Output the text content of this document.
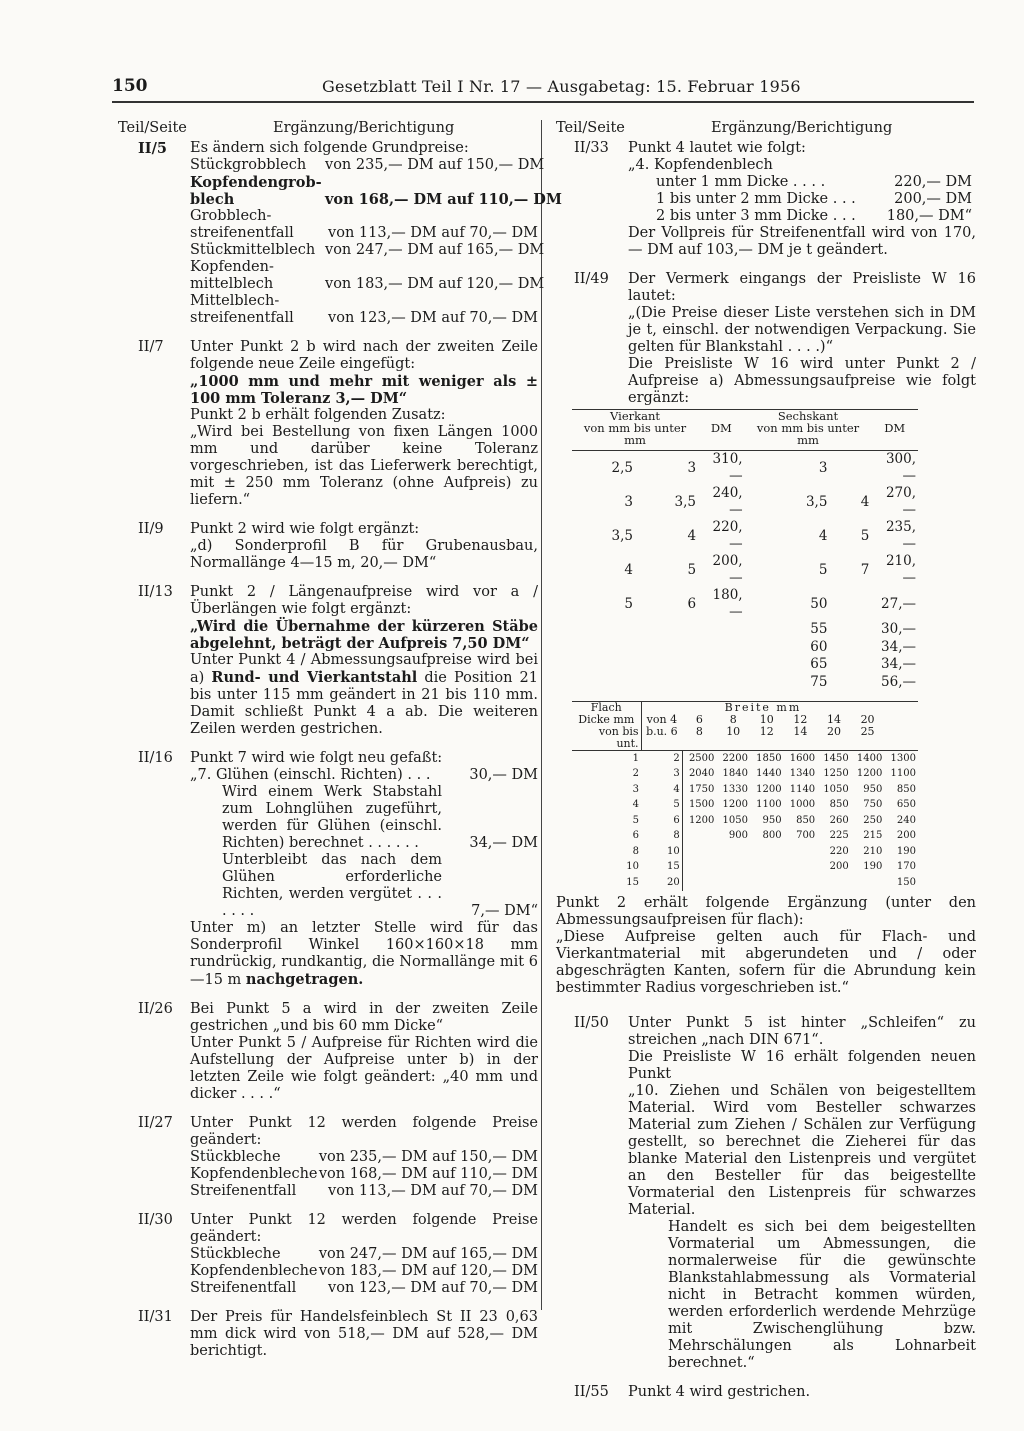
150	Gesetzblatt Teil I Nr. 17 — Ausgabetag: 15. Februar 1956
Teil/Seite	Ergänzung/Berichtigung
II/5 Es ändern sich folgende Grundpreise:

Stückgrobblech	von 235,— DM auf 150,— DM
Kopfendengrob-blech	von 168,— DM auf 110,— DM
Grobblech-streifenentfall	von 113,— DM auf 70,— DM
Stückmittelblech von 247,— DM auf 165,— DM
Kopfenden-mittelblech	von 183,— DM auf 120,— DM
Mittelblech-streifenentfall	von 123,— DM auf 70,— DM
II/7 Unter Punkt 2 b wird nach der zweiten Zeile folgende neue Zeile eingefügt:

„1000 mm und mehr mit weniger als ± 100 mm Toleranz 3,— DM“

Punkt 2 b erhält folgenden Zusatz:

„Wird bei Bestellung von fixen Längen 1000 mm und darüber keine Toleranz vorgeschrieben, ist das Lieferwerk berechtigt, mit ± 250 mm Toleranz (ohne Aufpreis) zu liefern.“

II/9 Punkt 2 wird wie folgt ergänzt:

„d) Sonderprofil B für Grubenausbau, Normallänge 4—15 m, 20,— DM“

II/13 Punkt 2 / Längenaufpreise wird vor a / Überlängen wie folgt ergänzt:

„Wird die Übernahme der kürzeren Stäbe abgelehnt, beträgt der Aufpreis 7,50 DM“

Unter Punkt 4 / Abmessungsaufpreise wird bei a) Rund- und Vierkantstahl die Position 21 bis unter 115 mm geändert in 21 bis 110 mm. Damit schließt Punkt 4 a ab. Die weiteren Zeilen werden gestrichen.

II/16 Punkt 7 wird wie folgt neu gefaßt:

„7. Glühen (einschl. Richten) . . .	30,— DM
Wird einem Werk Stabstahl zum Lohnglühen zugeführt, werden für Glühen (einschl. Richten) berechnet . . . . . .	34,— DM
Unterbleibt das nach dem Glühen erforderliche Richten, werden vergütet . . . . . . .	7,— DM“

Unter m) an letzter Stelle wird für das Sonderprofil Winkel 160×160×18 mm rundrückig, rundkantig, die Normallänge mit 6—15 m nachgetragen.

II/26 Bei Punkt 5 a wird in der zweiten Zeile gestrichen „und bis 60 mm Dicke“

Unter Punkt 5 / Aufpreise für Richten wird die Aufstellung der Aufpreise unter b) in der letzten Zeile wie folgt geändert: „40 mm und dicker . . . .“

II/27 Unter Punkt 12 werden folgende Preise geändert:

Stückbleche	von 235,— DM auf 150,— DM
Kopfendenbleche von 168,— DM auf 110,— DM
Streifenentfall	von 113,— DM auf 70,— DM
II/30 Unter Punkt 12 werden folgende Preise geändert:

Stückbleche	von 247,— DM auf 165,— DM
Kopfendenbleche von 183,— DM auf 120,— DM
Streifenentfall	von 123,— DM auf 70,— DM
II/31 Der Preis für Handelsfeinblech St II 23 0,63 mm dick wird von 518,— DM auf 528,— DM berichtigt.

Teil/Seite	Ergänzung/Berichtigung
II/33 Punkt 4 lautet wie folgt:

„4. Kopfendenblech

unter 1 mm Dicke . . . .	220,— DM
1 bis unter 2 mm Dicke . . .	200,— DM
2 bis unter 3 mm Dicke . . .	180,— DM“

Der Vollpreis für Streifenentfall wird von 170,— DM auf 103,— DM je t geändert.

II/49 Der Vermerk eingangs der Preisliste W 16 lautet:

„(Die Preise dieser Liste verstehen sich in DM je t, einschl. der notwendigen Verpackung. Sie gelten für Blankstahl . . . .)“

Die Preisliste W 16 wird unter Punkt 2 / Aufpreise a) Abmessungsaufpreise wie folgt ergänzt:

Vierkant
von mm bis unter mm		DM	Sechskant
von mm bis unter mm		DM
2,5	3	310,—	3		300,—
3	3,5	240,—	3,5	4	270,—
3,5	4	220,—	4	5	235,—
4	5	200,—	5	7	210,—
5	6	180,—	50		27,—
			55		30,—
			60		34,—
			65		34,—
			75		56,—
Flach	Breite mm							
Dicke mm	von 4	6	8	10	12	14	20	
von bis
unt.	b.u. 6	8	10	12	14	20	25	
1	2	2500	2200	1850	1600	1450	1400	1300
2	3	2040	1840	1440	1340	1250	1200	1100
3	4	1750	1330	1200	1140	1050	950	850
4	5	1500	1200	1100	1000	850	750	650
5	6	1200	1050	950	850	260	250	240
6	8		900	800	700	225	215	200
8	10					220	210	190
10	15					200	190	170
15	20							150

Punkt 2 erhält folgende Ergänzung (unter den Abmessungsaufpreisen für flach):

„Diese Aufpreise gelten auch für Flach- und Vierkantmaterial mit abgerundeten und / oder abgeschrägten Kanten, sofern für die Abrundung kein bestimmter Radius vorgeschrieben ist.“

II/50 Unter Punkt 5 ist hinter „Schleifen“ zu streichen „nach DIN 671“.

Die Preisliste W 16 erhält folgenden neuen Punkt

„10. Ziehen und Schälen von beigestelltem Material. Wird vom Besteller schwarzes Material zum Ziehen / Schälen zur Verfügung gestellt, so berechnet die Zieherei für das blanke Material den Listenpreis und vergütet an den Besteller für das beigestellte Vormaterial den Listenpreis für schwarzes Material.

Handelt es sich bei dem beigestellten Vormaterial um Abmessungen, die normalerweise für die gewünschte Blankstahlabmessung als Vormaterial nicht in Betracht kommen würden, werden erforderlich werdende Mehrzüge mit Zwischenglühung bzw. Mehrschälungen als Lohnarbeit berechnet.“

II/55 Punkt 4 wird gestrichen.
